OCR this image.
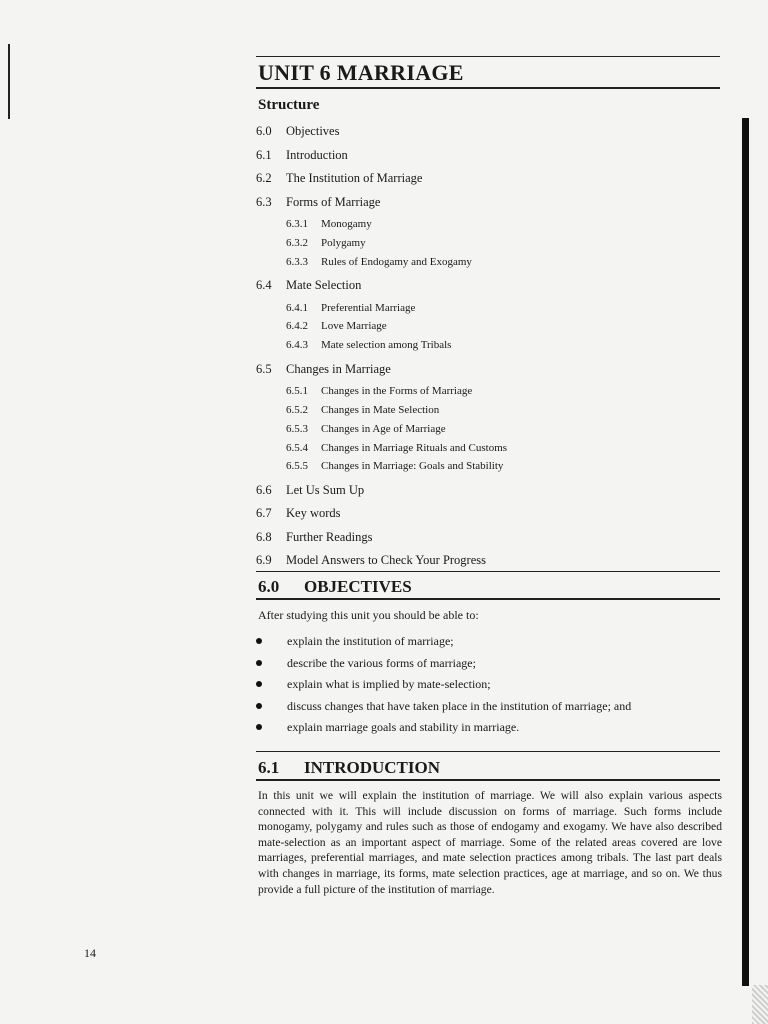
UNIT 6 MARRIAGE
Structure
6.0	Objectives
6.1	Introduction
6.2	The Institution of Marriage
6.3	Forms of Marriage
6.3.1	Monogamy
6.3.2	Polygamy
6.3.3	Rules of Endogamy and Exogamy
6.4	Mate Selection
6.4.1	Preferential Marriage
6.4.2	Love Marriage
6.4.3	Mate selection among Tribals
6.5	Changes in Marriage
6.5.1	Changes in the Forms of Marriage
6.5.2	Changes in Mate Selection
6.5.3	Changes in Age of Marriage
6.5.4	Changes in Marriage Rituals and Customs
6.5.5	Changes in Marriage: Goals and Stability
6.6	Let Us Sum Up
6.7	Key words
6.8	Further Readings
6.9	Model Answers to Check Your Progress
6.0 OBJECTIVES

After studying this unit you should be able to:

explain the institution of marriage;
describe the various forms of marriage;
explain what is implied by mate-selection;
discuss changes that have taken place in the institution of marriage; and
explain marriage goals and stability in marriage.
6.1 INTRODUCTION

In this unit we will explain the institution of marriage. We will also explain various aspects connected with it. This will include discussion on forms of marriage. Such forms include monogamy, polygamy and rules such as those of endogamy and exogamy. We have also described mate-selection as an important aspect of marriage. Some of the related areas covered are love marriages, preferential marriages, and mate selection practices among tribals. The last part deals with changes in marriage, its forms, mate selection practices, age at marriage, and so on. We thus provide a full picture of the institution of marriage.

14
